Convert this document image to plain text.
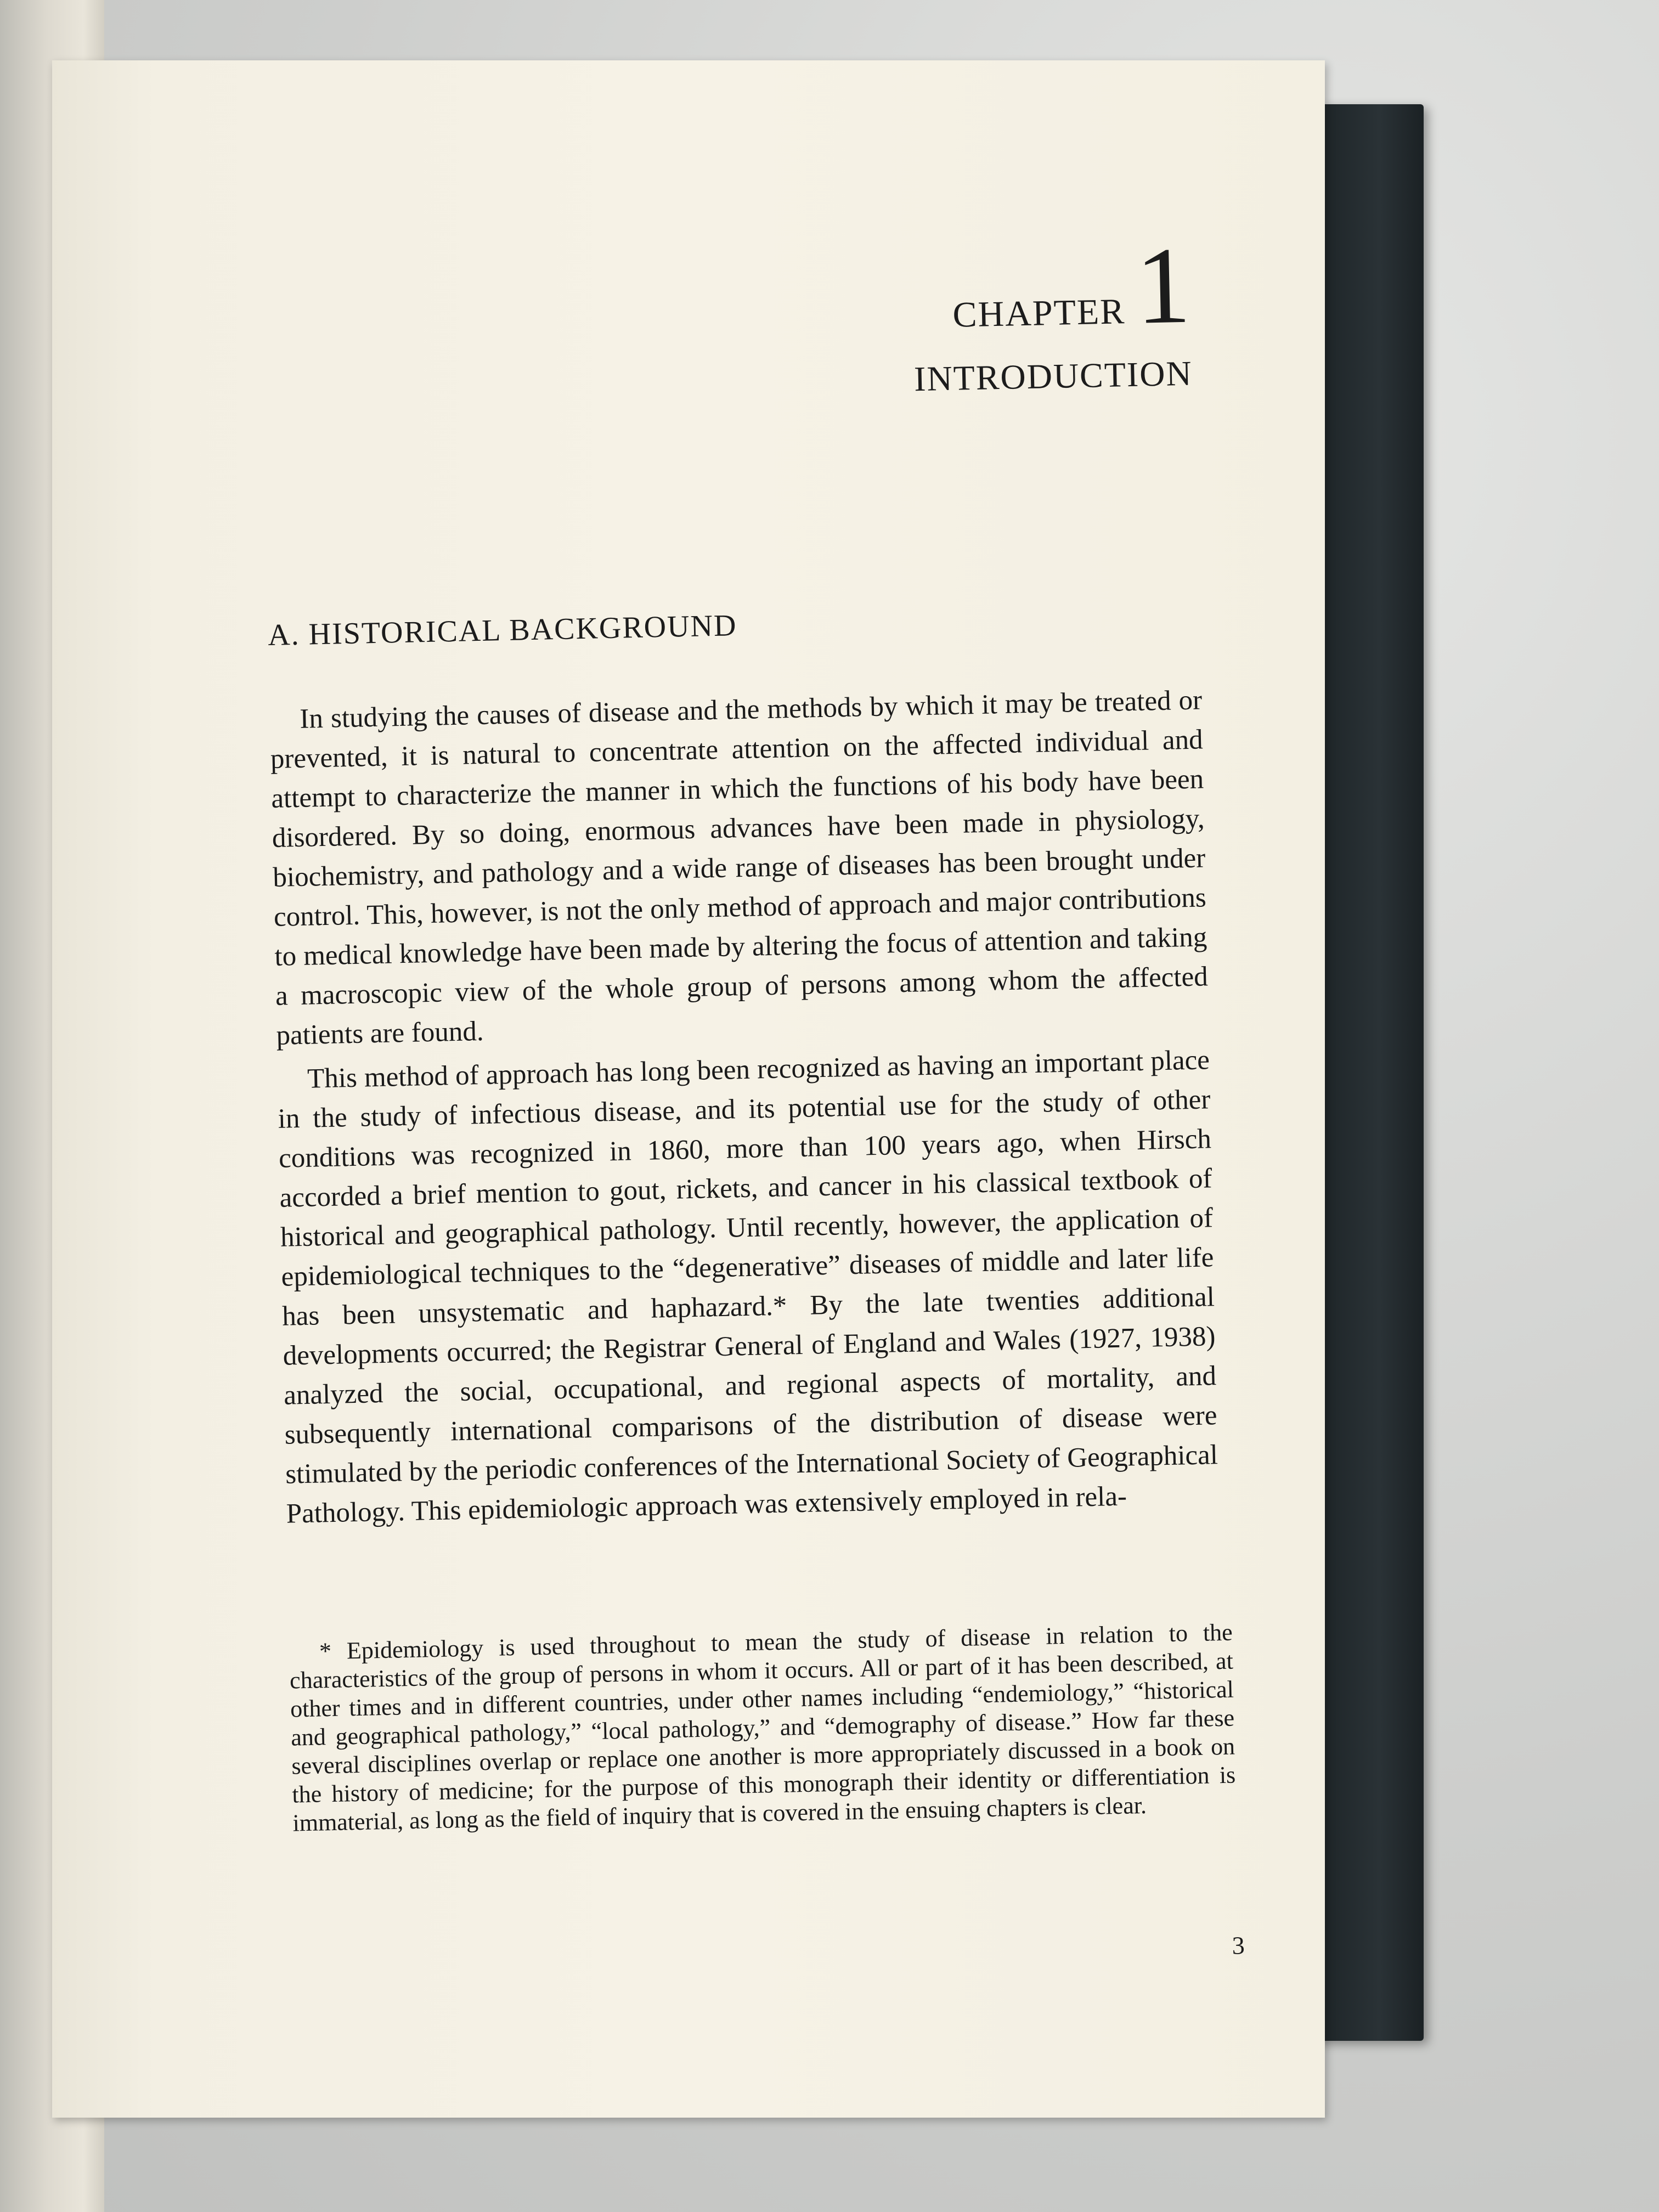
CHAPTER 1
INTRODUCTION
A. HISTORICAL BACKGROUND

In studying the causes of disease and the methods by which it may be treated or prevented, it is natural to concentrate attention on the affected individual and attempt to characterize the manner in which the functions of his body have been disordered. By so doing, enormous advances have been made in physiology, biochemistry, and pathology and a wide range of diseases has been brought under control. This, however, is not the only method of approach and major contributions to medical knowledge have been made by altering the focus of attention and taking a macroscopic view of the whole group of persons among whom the affected patients are found.

This method of approach has long been recognized as having an important place in the study of infectious disease, and its potential use for the study of other conditions was recognized in 1860, more than 100 years ago, when Hirsch accorded a brief mention to gout, rickets, and cancer in his classical textbook of historical and geographical pathology. Until recently, however, the application of epidemiological techniques to the “degenerative” diseases of middle and later life has been unsystematic and haphazard.* By the late twenties additional developments occurred; the Registrar General of England and Wales (1927, 1938) analyzed the social, occupational, and regional aspects of mortality, and subsequently international comparisons of the distribution of disease were stimulated by the periodic conferences of the International Society of Geographical Pathology. This epidemiologic approach was extensively employed in rela-

* Epidemiology is used throughout to mean the study of disease in relation to the characteristics of the group of persons in whom it occurs. All or part of it has been described, at other times and in different countries, under other names including “endemiology,” “historical and geographical pathology,” “local pathology,” and “demography of disease.” How far these several disciplines overlap or replace one another is more appropriately discussed in a book on the history of medicine; for the purpose of this monograph their identity or differentiation is immaterial, as long as the field of inquiry that is covered in the ensuing chapters is clear.

3
